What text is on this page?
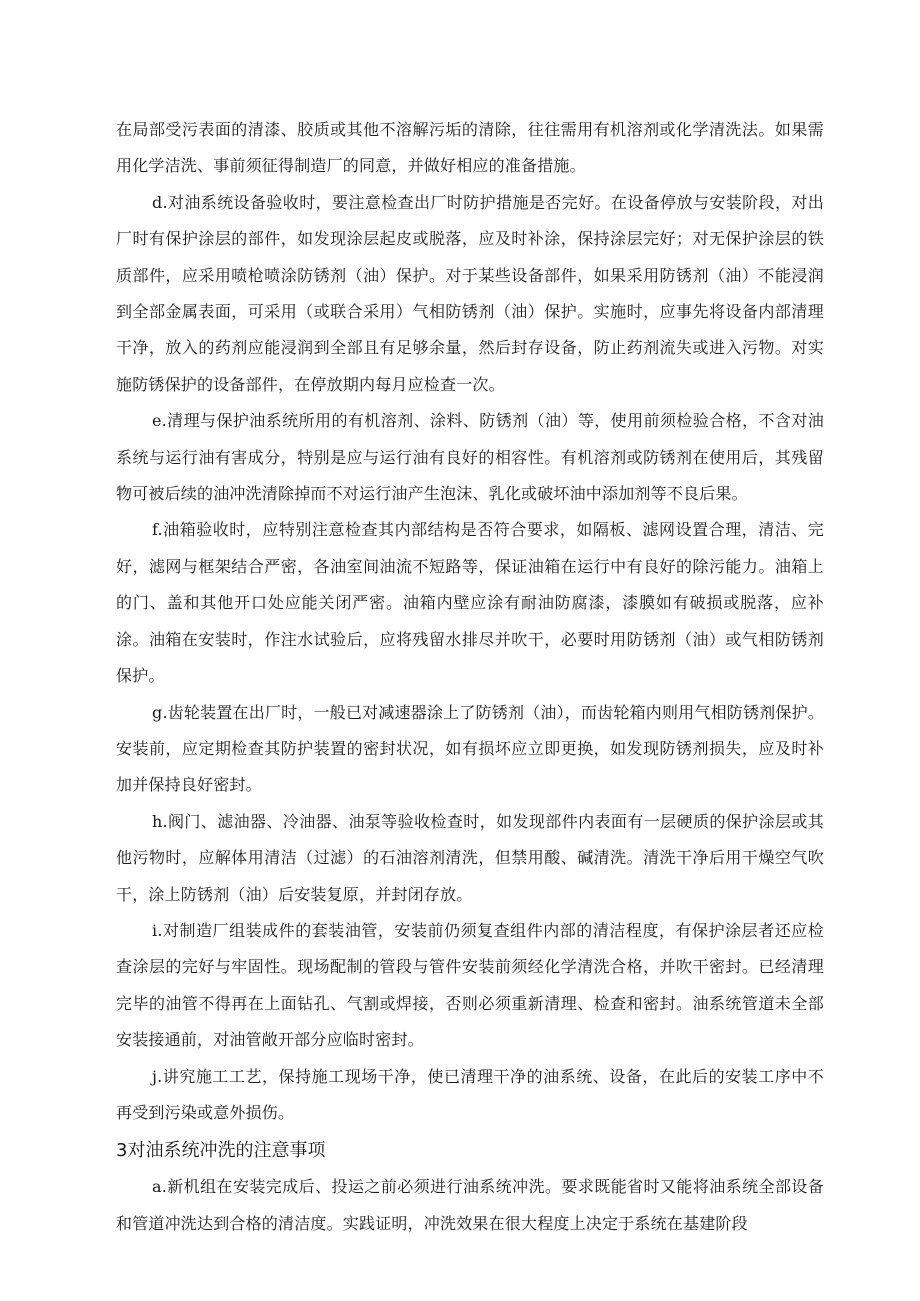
在局部受污表面的清漆、胶质或其他不溶解污垢的清除，往往需用有机溶剂或化学清洗法。如果需用化学洁洗、事前须征得制造厂的同意，并做好相应的准备措施。

d.对油系统设备验收时，要注意检查出厂时防护措施是否完好。在设备停放与安装阶段，对出厂时有保护涂层的部件，如发现涂层起皮或脱落，应及时补涂，保持涂层完好；对无保护涂层的铁质部件，应采用喷枪喷涂防锈剂（油）保护。对于某些设备部件，如果采用防锈剂（油）不能浸润到全部金属表面，可采用（或联合采用）气相防锈剂（油）保护。实施时，应事先将设备内部清理干净，放入的药剂应能浸润到全部且有足够余量，然后封存设备，防止药剂流失或进入污物。对实施防锈保护的设备部件，在停放期内每月应检查一次。

e.清理与保护油系统所用的有机溶剂、涂料、防锈剂（油）等，使用前须检验合格，不含对油系统与运行油有害成分，特别是应与运行油有良好的相容性。有机溶剂或防锈剂在使用后，其残留物可被后续的油冲洗清除掉而不对运行油产生泡沫、乳化或破坏油中添加剂等不良后果。

f.油箱验收时，应特别注意检查其内部结构是否符合要求，如隔板、滤网设置合理，清洁、完好，滤网与框架结合严密，各油室间油流不短路等，保证油箱在运行中有良好的除污能力。油箱上的门、盖和其他开口处应能关闭严密。油箱内壁应涂有耐油防腐漆，漆膜如有破损或脱落，应补涂。油箱在安装时，作注水试验后，应将残留水排尽并吹干，必要时用防锈剂（油）或气相防锈剂保护。

g.齿轮装置在出厂时，一般已对减速器涂上了防锈剂（油），而齿轮箱内则用气相防锈剂保护。安装前，应定期检查其防护装置的密封状况，如有损坏应立即更换，如发现防锈剂损失，应及时补加并保持良好密封。

h.阀门、滤油器、冷油器、油泵等验收检查时，如发现部件内表面有一层硬质的保护涂层或其他污物时，应解体用清洁（过滤）的石油溶剂清洗，但禁用酸、碱清洗。清洗干净后用干燥空气吹干，涂上防锈剂（油）后安装复原，并封闭存放。

i.对制造厂组装成件的套装油管，安装前仍须复查组件内部的清洁程度，有保护涂层者还应检查涂层的完好与牢固性。现场配制的管段与管件安装前须经化学清洗合格，并吹干密封。已经清理完毕的油管不得再在上面钻孔、气割或焊接，否则必须重新清理、检查和密封。油系统管道未全部安装接通前，对油管敞开部分应临时密封。

j.讲究施工工艺，保持施工现场干净，使已清理干净的油系统、设备，在此后的安装工序中不再受到污染或意外损伤。

3对油系统冲洗的注意事项

a.新机组在安装完成后、投运之前必须进行油系统冲洗。要求既能省时又能将油系统全部设备和管道冲洗达到合格的清洁度。实践证明，冲洗效果在很大程度上决定于系统在基建阶段
